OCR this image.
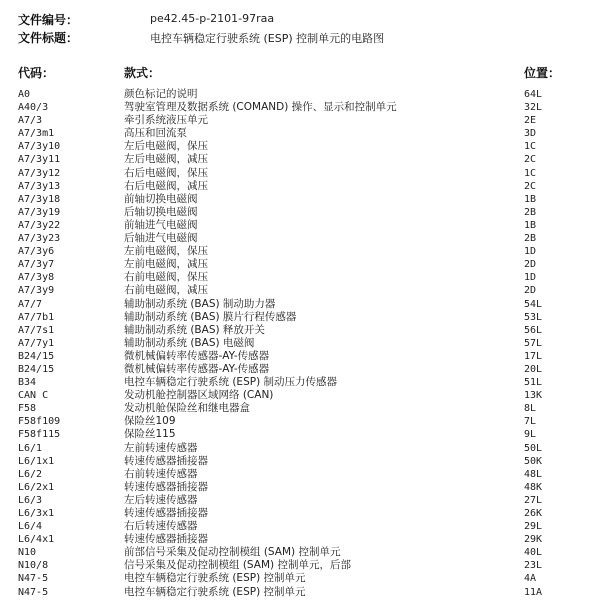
文件编号：	pe42.45-p-2101-97raa
文件标题：	电控车辆稳定行驶系统 (ESP) 控制单元的电路图
代码：	款式：	位置：
A0	颜色标记的说明	64L
A40/3	驾驶室管理及数据系统 (COMAND) 操作、显示和控制单元	32L
A7/3	牵引系统液压单元	2E
A7/3m1	高压和回流泵	3D
A7/3y10	左后电磁阀，保压	1C
A7/3y11	左后电磁阀，减压	2C
A7/3y12	右后电磁阀，保压	1C
A7/3y13	右后电磁阀，减压	2C
A7/3y18	前轴切换电磁阀	1B
A7/3y19	后轴切换电磁阀	2B
A7/3y22	前轴进气电磁阀	1B
A7/3y23	后轴进气电磁阀	2B
A7/3y6	左前电磁阀，保压	1D
A7/3y7	左前电磁阀，减压	2D
A7/3y8	右前电磁阀，保压	1D
A7/3y9	右前电磁阀，减压	2D
A7/7	辅助制动系统 (BAS) 制动助力器	54L
A7/7b1	辅助制动系统 (BAS) 膜片行程传感器	53L
A7/7s1	辅助制动系统 (BAS) 释放开关	56L
A7/7y1	辅助制动系统 (BAS) 电磁阀	57L
B24/15	微机械偏转率传感器-AY-传感器	17L
B24/15	微机械偏转率传感器-AY-传感器	20L
B34	电控车辆稳定行驶系统 (ESP) 制动压力传感器	51L
CAN C	发动机舱控制器区域网络 (CAN)	13K
F58	发动机舱保险丝和继电器盒	8L
F58f109	保险丝109	7L
F58f115	保险丝115	9L
L6/1	左前转速传感器	50L
L6/1x1	转速传感器插接器	50K
L6/2	右前转速传感器	48L
L6/2x1	转速传感器插接器	48K
L6/3	左后转速传感器	27L
L6/3x1	转速传感器插接器	26K
L6/4	右后转速传感器	29L
L6/4x1	转速传感器插接器	29K
N10	前部信号采集及促动控制模组 (SAM) 控制单元	40L
N10/8	信号采集及促动控制模组 (SAM) 控制单元，后部	23L
N47-5	电控车辆稳定行驶系统 (ESP) 控制单元	4A
N47-5	电控车辆稳定行驶系统 (ESP) 控制单元	11A
